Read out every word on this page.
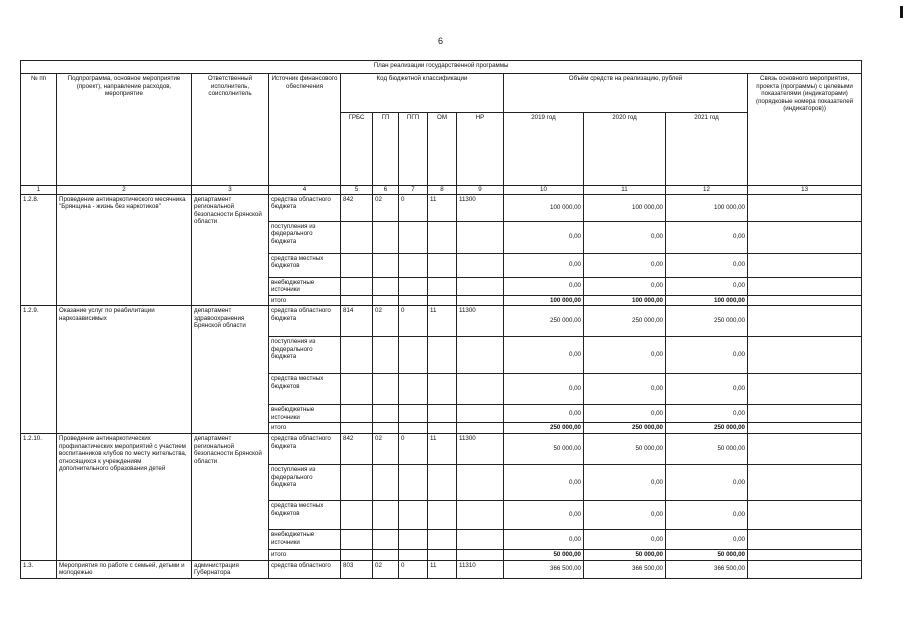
6
План реализации государственной программы												
№ пп	Подпрограмма, основное мероприятие (проект), направление расходов, мероприятие	Ответственный исполнитель, соисполнитель	Источник финансового обеспечения	Код бюджетной классификации					Объём средств на реализацию, рублей			Связь основного мероприятия, проекта (программы) с целевыми показателями (индикаторами) (порядковые номера показателей (индикаторов))
				ГРБС	ГП	ПГП	ОМ	НР	2019 год	2020 год	2021 год	
1	2	3	4	5	6	7	8	9	10	11	12	13
1.2.8.	Проведение антинаркотического месячника "Брянщина - жизнь без наркотиков"	департамент региональной безопасности Брянской области	средства областного бюджета	842	02	0	11	11300	100 000,00	100 000,00	100 000,00	
			поступления из федерального бюджета						0,00	0,00	0,00	
			средства местных бюджетов						0,00	0,00	0,00	
			внебюджетные источники						0,00	0,00	0,00	
			итого						100 000,00	100 000,00	100 000,00	
1.2.9.	Оказание услуг по реабилитации наркозависимых	департамент здравоохранения Брянской области	средства областного бюджета	814	02	0	11	11300	250 000,00	250 000,00	250 000,00	
			поступления из федерального бюджета						0,00	0,00	0,00	
			средства местных бюджетов						0,00	0,00	0,00	
			внебюджетные источники						0,00	0,00	0,00	
			итого						250 000,00	250 000,00	250 000,00	
1.2.10.	Проведение антинаркотических профилактических мероприятий с участием воспитанников клубов по месту жительства, относящихся к учреждениям дополнительного образования детей	департамент региональной безопасности Брянской области	средства областного бюджета	842	02	0	11	11300	50 000,00	50 000,00	50 000,00	
			поступления из федерального бюджета						0,00	0,00	0,00	
			средства местных бюджетов						0,00	0,00	0,00	
			внебюджетные источники						0,00	0,00	0,00	
			итого						50 000,00	50 000,00	50 000,00	
1.3.	Мероприятия по работе с семьей, детьми и молодежью	администрация Губернатора	средства областного	803	02	0	11	11310	366 500,00	366 500,00	366 500,00	
